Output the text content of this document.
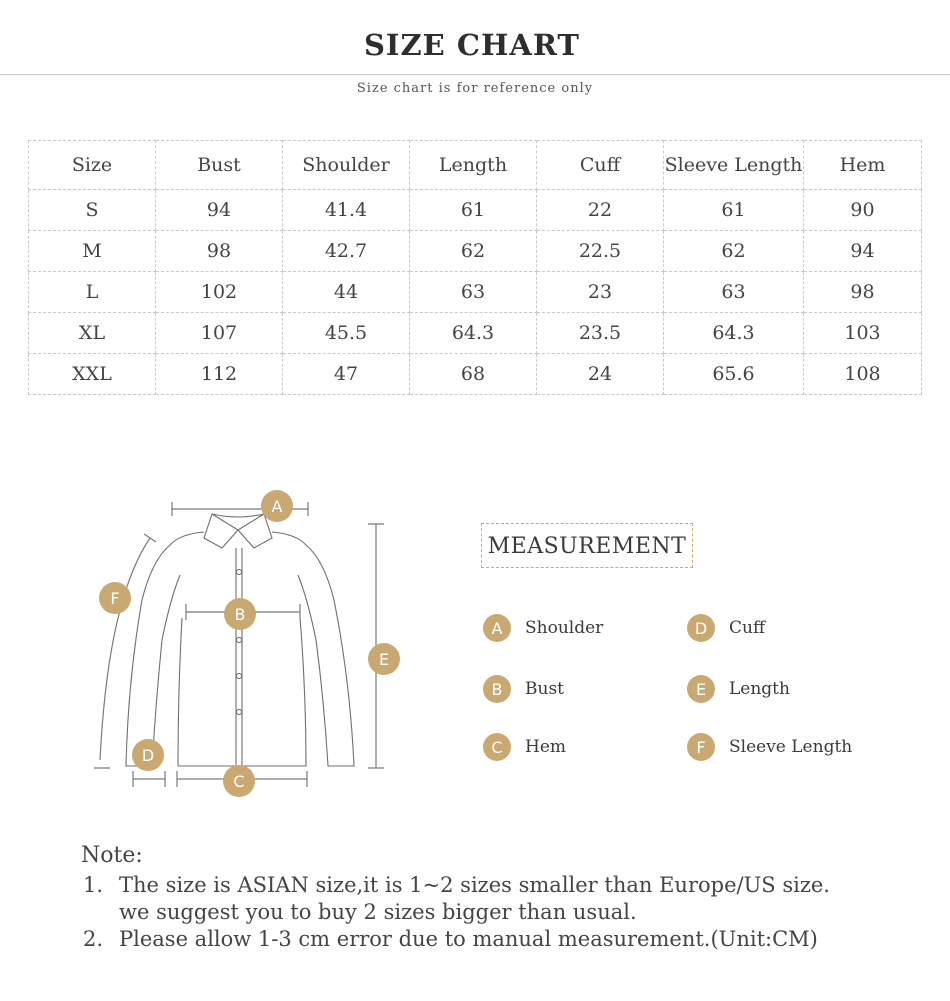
SIZE CHART
Size chart is for reference only
Size	Bust	Shoulder	Length	Cuff	Sleeve Length	Hem
S	94	41.4	61	22	61	90
M	98	42.7	62	22.5	62	94
L	102	44	63	23	63	98
XL	107	45.5	64.3	23.5	64.3	103
XXL	112	47	68	24	65.6	108
A
B
C
D
E
F
MEASUREMENT
A	Shoulder
B	Bust
C	Hem
D	Cuff
E	Length
F	Sleeve Length
Note:
1. The size is ASIAN size,it is 1~2 sizes smaller than Europe/US size.
we suggest you to buy 2 sizes bigger than usual.
2. Please allow 1-3 cm error due to manual measurement.(Unit:CM)
